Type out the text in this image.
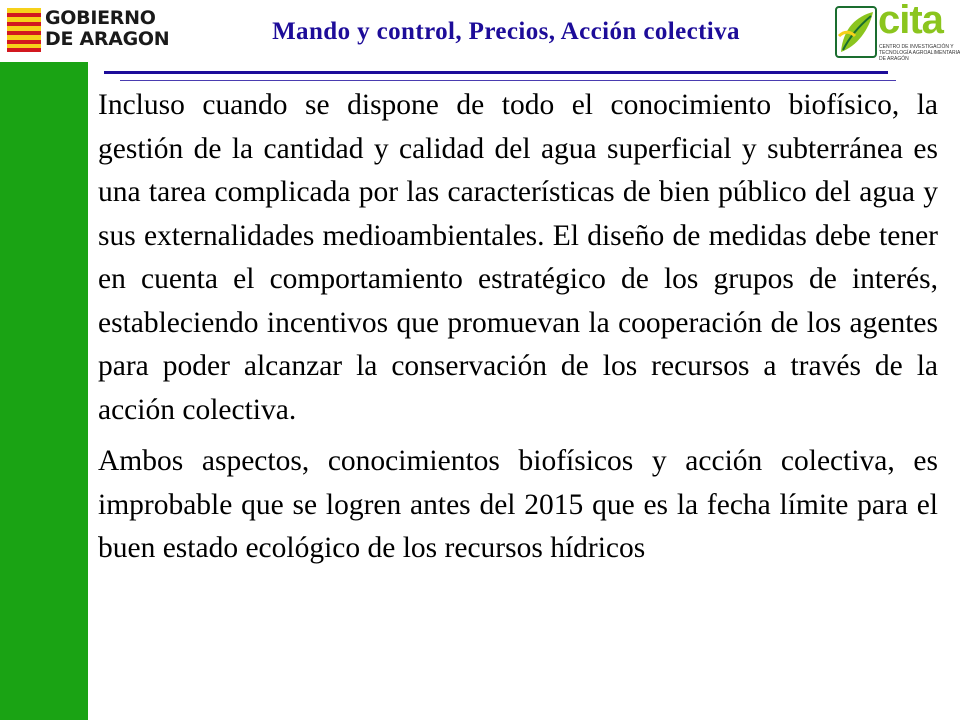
GOBIERNO
DE ARAGON	Mando y control, Precios, Acción colectiva	cita
CENTRO DE INVESTIGACIÓN Y TECNOLOGÍA AGROALIMENTARIA DE ARAGÓN

Incluso cuando se dispone de todo el conocimiento biofísico, la gestión de la cantidad y calidad del agua superficial y subterránea es una tarea complicada por las características de bien público del agua y sus externalidades medioambientales. El diseño de medidas debe tener en cuenta el comportamiento estratégico de los grupos de interés, estableciendo incentivos que promuevan la cooperación de los agentes para poder alcanzar la conservación de los recursos a través de la acción colectiva.

Ambos aspectos, conocimientos biofísicos y acción colectiva, es improbable que se logren antes del 2015 que es la fecha límite para el buen estado ecológico de los recursos hídricos
